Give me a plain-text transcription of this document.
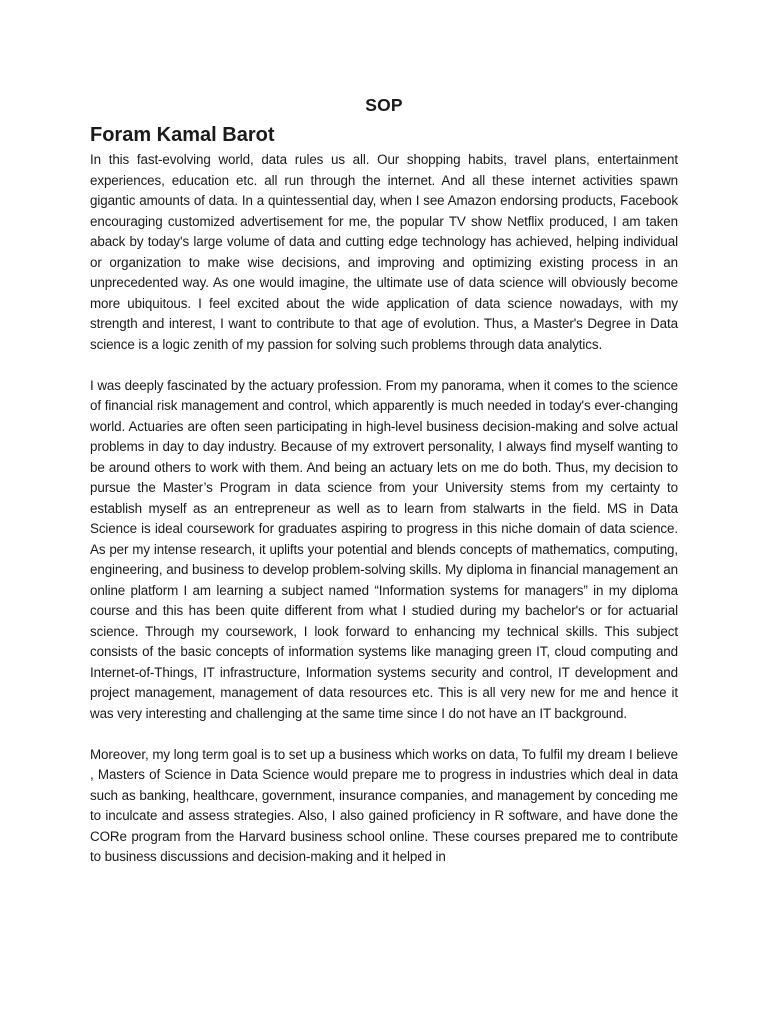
SOP
Foram Kamal Barot

In this fast-evolving world, data rules us all. Our shopping habits, travel plans, entertainment experiences, education etc. all run through the internet. And all these internet activities spawn gigantic amounts of data. In a quintessential day, when I see Amazon endorsing products, Facebook encouraging customized advertisement for me, the popular TV show Netflix produced, I am taken aback by today's large volume of data and cutting edge technology has achieved, helping individual or organization to make wise decisions, and improving and optimizing existing process in an unprecedented way. As one would imagine, the ultimate use of data science will obviously become more ubiquitous. I feel excited about the wide application of data science nowadays, with my strength and interest, I want to contribute to that age of evolution. Thus, a Master's Degree in Data science is a logic zenith of my passion for solving such problems through data analytics.

I was deeply fascinated by the actuary profession. From my panorama, when it comes to the science of financial risk management and control, which apparently is much needed in today's ever-changing world. Actuaries are often seen participating in high-level business decision-making and solve actual problems in day to day industry. Because of my extrovert personality, I always find myself wanting to be around others to work with them. And being an actuary lets on me do both. Thus, my decision to pursue the Master’s Program in data science from your University stems from my certainty to establish myself as an entrepreneur as well as to learn from stalwarts in the field. MS in Data Science is ideal coursework for graduates aspiring to progress in this niche domain of data science. As per my intense research, it uplifts your potential and blends concepts of mathematics, computing, engineering, and business to develop problem-solving skills. My diploma in financial management an online platform I am learning a subject named “Information systems for managers” in my diploma course and this has been quite different from what I studied during my bachelor's or for actuarial science. Through my coursework, I look forward to enhancing my technical skills. This subject consists of the basic concepts of information systems like managing green IT, cloud computing and Internet-of-Things, IT infrastructure, Information systems security and control, IT development and project management, management of data resources etc. This is all very new for me and hence it was very interesting and challenging at the same time since I do not have an IT background.

Moreover, my long term goal is to set up a business which works on data, To fulfil my dream I believe , Masters of Science in Data Science would prepare me to progress in industries which deal in data such as banking, healthcare, government, insurance companies, and management by conceding me to inculcate and assess strategies. Also, I also gained proficiency in R software, and have done the CORe program from the Harvard business school online. These courses prepared me to contribute to business discussions and decision-making and it helped in
